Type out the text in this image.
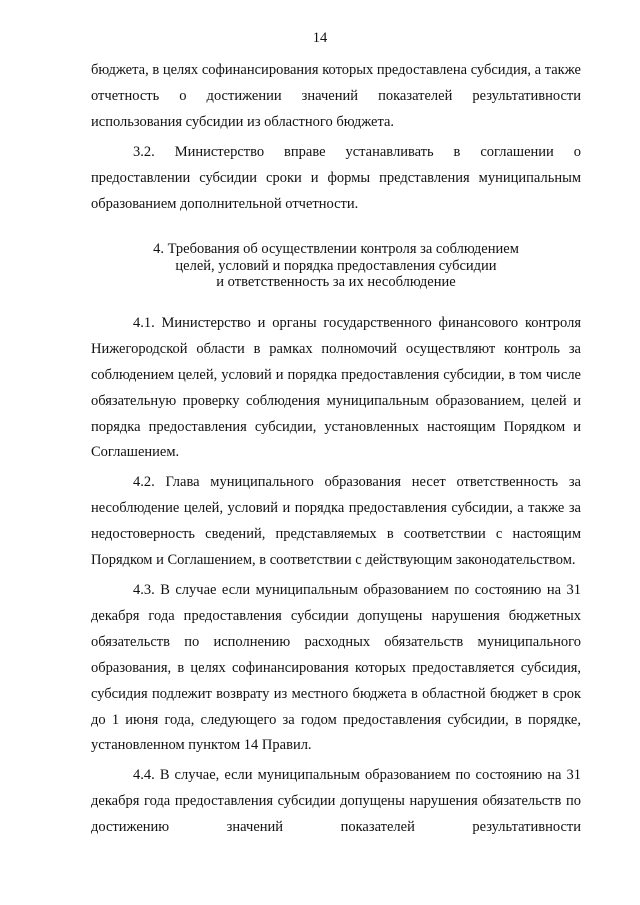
14

бюджета, в целях софинансирования которых предоставлена субсидия, а также отчетность о достижении значений показателей результативности использования субсидии из областного бюджета.

3.2. Министерство вправе устанавливать в соглашении о предоставлении субсидии сроки и формы представления муниципальным образованием дополнительной отчетности.

4. Требования об осуществлении контроля за соблюдением
целей, условий и порядка предоставления субсидии
и ответственность за их несоблюдение

4.1. Министерство и органы государственного финансового контроля Нижегородской области в рамках полномочий осуществляют контроль за соблюдением целей, условий и порядка предоставления субсидии, в том числе обязательную проверку соблюдения муниципальным образованием, целей и порядка предоставления субсидии, установленных настоящим Порядком и Соглашением.

4.2. Глава муниципального образования несет ответственность за несоблюдение целей, условий и порядка предоставления субсидии, а также за недостоверность сведений, представляемых в соответствии с настоящим Порядком и Соглашением, в соответствии с действующим законодательством.

4.3. В случае если муниципальным образованием по состоянию на 31 декабря года предоставления субсидии допущены нарушения бюджетных обязательств по исполнению расходных обязательств муниципального образования, в целях софинансирования которых предоставляется субсидия, субсидия подлежит возврату из местного бюджета в областной бюджет в срок до 1 июня года, следующего за годом предоставления субсидии, в порядке, установленном пунктом 14 Правил.

4.4. В случае, если муниципальным образованием по состоянию на 31 декабря года предоставления субсидии допущены нарушения обязательств по достижению значений показателей результативности
